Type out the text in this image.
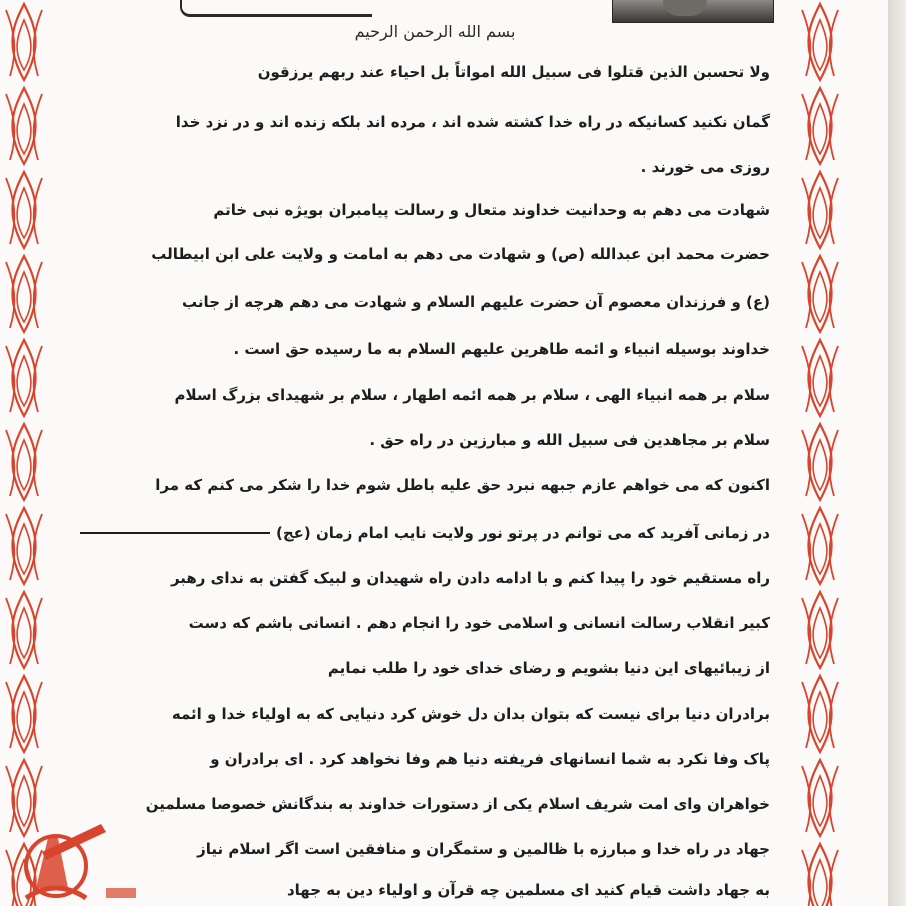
بسم الله الرحمن الرحيم
ولا تحسبن الذین قتلوا فی سبیل الله امواتاً بل احیاء عند ربهم یرزقون
گمان نکنید کسانیکه در راه خدا کشته شده اند ، مرده اند بلکه زنده اند و در نزد خدا
روزی می خورند .
شهادت می دهم به وحدانیت خداوند متعال و رسالت پیامبران بویژه نبی خاتم
حضرت محمد ابن عبدالله (ص) و شهادت می دهم به امامت و ولایت علی ابن ابیطالب
(ع) و فرزندان معصوم آن حضرت علیهم السلام و شهادت می دهم هرچه از جانب
خداوند بوسیله انبیاء و ائمه طاهرین علیهم السلام به ما رسیده حق است .
سلام بر همه انبیاء الهی ، سلام بر همه ائمه اطهار ، سلام بر شهیدای بزرگ اسلام
سلام بر مجاهدین فی سبیل الله و مبارزین در راه حق .
اکنون که می خواهم عازم جبهه نبرد حق علیه باطل شوم خدا را شکر می کنم که مرا
در زمانی آفرید که می توانم در پرتو نور ولایت نایب امام زمان (عج)
راه مستقیم خود را پیدا کنم و با ادامه دادن راه شهیدان و لبیک گفتن به ندای رهبر
کبیر انقلاب رسالت انسانی و اسلامی خود را انجام دهم . انسانی باشم که دست
از زیبائیهای این دنیا بشویم و رضای خدای خود را طلب نمایم
برادران دنیا برای نیست که بتوان بدان دل خوش کرد دنیایی که به اولیاء خدا و ائمه
پاک وفا نکرد به شما انسانهای فریفته دنیا هم وفا نخواهد کرد . ای برادران و
خواهران وای امت شریف اسلام یکی از دستورات خداوند به بندگانش خصوصا مسلمین
جهاد در راه خدا و مبارزه با ظالمین و ستمگران و منافقین است اگر اسلام نیاز
به جهاد داشت قیام کنید ای مسلمین چه قرآن و اولیاء دین به جهاد
